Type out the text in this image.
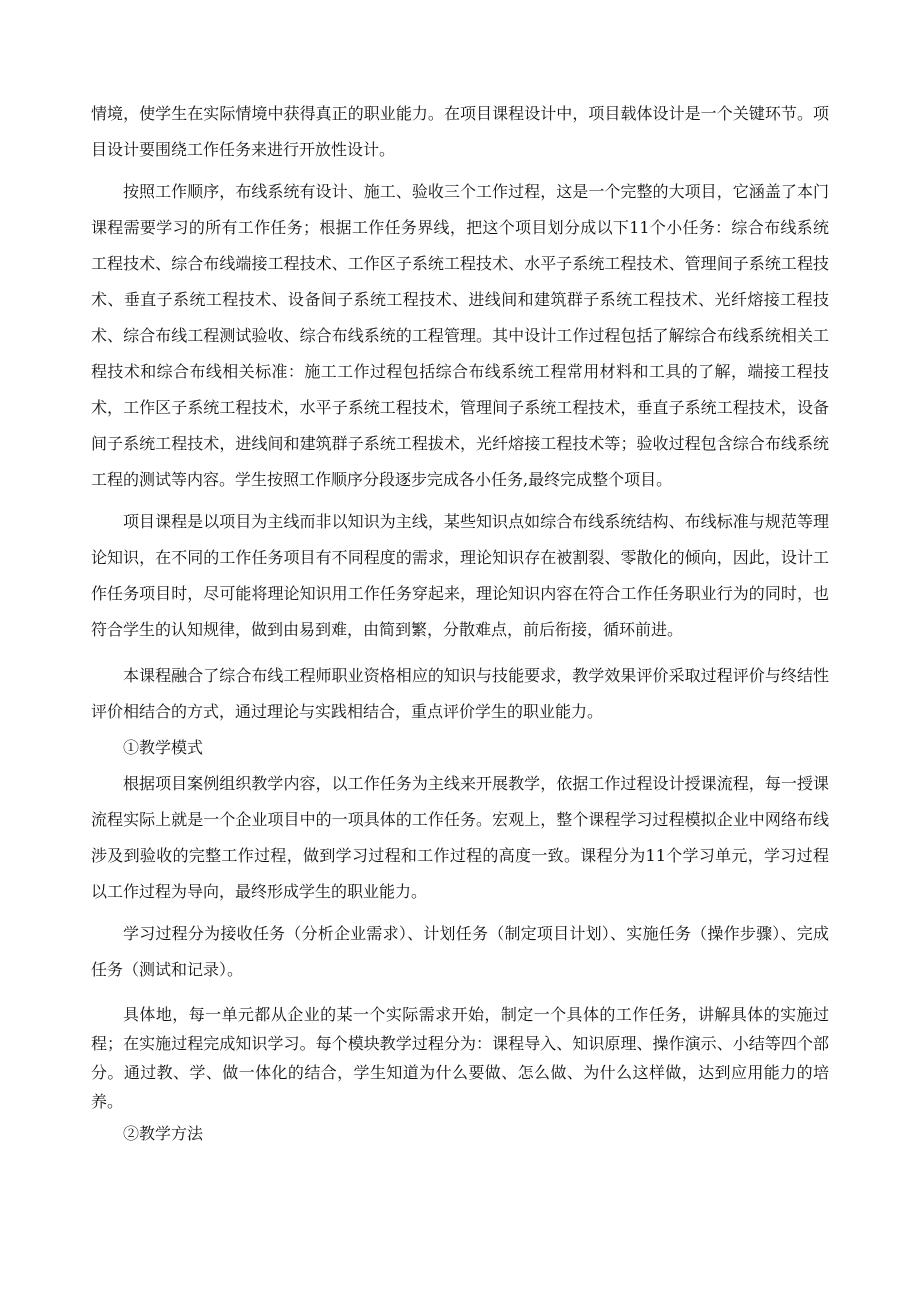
情境，使学生在实际情境中获得真正的职业能力。在项目课程设计中，项目载体设计是一个关键环节。项目设计要围绕工作任务来进行开放性设计。

按照工作顺序，布线系统有设计、施工、验收三个工作过程，这是一个完整的大项目，它涵盖了本门课程需要学习的所有工作任务；根据工作任务界线，把这个项目划分成以下11个小任务：综合布线系统工程技术、综合布线端接工程技术、工作区子系统工程技术、水平子系统工程技术、管理间子系统工程技术、垂直子系统工程技术、设备间子系统工程技术、进线间和建筑群子系统工程技术、光纤熔接工程技术、综合布线工程测试验收、综合布线系统的工程管理。其中设计工作过程包括了解综合布线系统相关工程技术和综合布线相关标准：施工工作过程包括综合布线系统工程常用材料和工具的了解，端接工程技术，工作区子系统工程技术，水平子系统工程技术，管理间子系统工程技术，垂直子系统工程技术，设备间子系统工程技术，进线间和建筑群子系统工程拔术，光纤熔接工程技术等；验收过程包含综合布线系统工程的测试等内容。学生按照工作顺序分段逐步完成各小任务,最终完成整个项目。

项目课程是以项目为主线而非以知识为主线，某些知识点如综合布线系统结构、布线标准与规范等理论知识，在不同的工作任务项目有不同程度的需求，理论知识存在被割裂、零散化的倾向，因此，设计工作任务项目时，尽可能将理论知识用工作任务穿起来，理论知识内容在符合工作任务职业行为的同时，也符合学生的认知规律，做到由易到难，由简到繁，分散难点，前后衔接，循环前进。

本课程融合了综合布线工程师职业资格相应的知识与技能要求，教学效果评价采取过程评价与终结性评价相结合的方式，通过理论与实践相结合，重点评价学生的职业能力。

①教学模式

根据项目案例组织教学内容，以工作任务为主线来开展教学，依据工作过程设计授课流程，每一授课流程实际上就是一个企业项目中的一项具体的工作任务。宏观上，整个课程学习过程模拟企业中网络布线涉及到验收的完整工作过程，做到学习过程和工作过程的高度一致。课程分为11个学习单元，学习过程以工作过程为导向，最终形成学生的职业能力。

学习过程分为接收任务（分析企业需求）、计划任务（制定项目计划）、实施任务（操作步骤）、完成任务（测试和记录）。

具体地，每一单元都从企业的某一个实际需求开始，制定一个具体的工作任务，讲解具体的实施过程；在实施过程完成知识学习。每个模块教学过程分为：课程导入、知识原理、操作演示、小结等四个部分。通过教、学、做一体化的结合，学生知道为什么要做、怎么做、为什么这样做，达到应用能力的培养。

②教学方法
